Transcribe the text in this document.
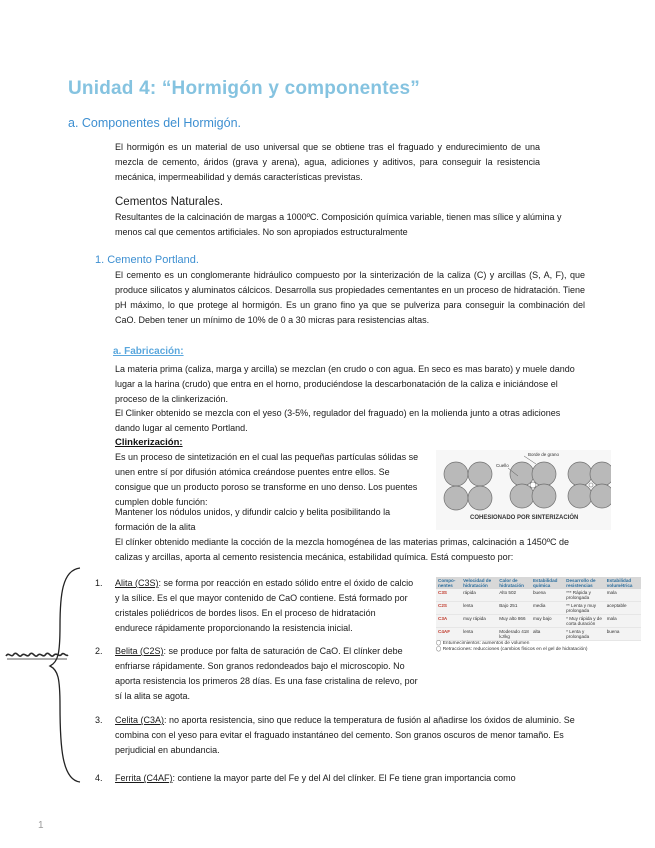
Unidad 4: “Hormigón y componentes”
a. Componentes del Hormigón.
El hormigón es un material de uso universal que se obtiene tras el fraguado y endurecimiento de una mezcla de cemento, áridos (grava y arena), agua, adiciones y aditivos, para conseguir la resistencia mecánica, impermeabilidad y demás características previstas.
Cementos Naturales.
Resultantes de la calcinación de margas a 1000ºC. Composición química variable, tienen mas sílice y alúmina y menos cal que cementos artificiales. No son apropiados estructuralmente
1. Cemento Portland.
El cemento es un conglomerante hidráulico compuesto por la sinterización de la caliza (C) y arcillas (S, A, F), que produce silicatos y aluminatos cálcicos. Desarrolla sus propiedades cementantes en un proceso de hidratación. Tiene pH máximo, lo que protege al hormigón. Es un grano fino ya que se pulveriza para conseguir la combinación del CaO. Deben tener un mínimo de 10% de 0 a 30 micras para resistencias altas.
a. Fabricación:
La materia prima (caliza, marga y arcilla) se mezclan (en crudo o con agua. En seco es mas barato) y muele dando lugar a la harina (crudo) que entra en el horno, produciéndose la descarbonatación de la caliza e iniciándose el proceso de la clinkerización.
El Clinker obtenido se mezcla con el yeso (3-5%, regulador del fraguado) en la molienda junto a otras adiciones dando lugar al cemento Portland.
Clinkerización:
Es un proceso de sintetización en el cual las pequeñas partículas sólidas se unen entre sí por difusión atómica creándose puentes entre ellos. Se consigue que un producto poroso se transforme en uno denso. Los puentes cumplen doble función:
Mantener los nódulos unidos, y difundir calcio y belita posibilitando la formación de la alita
El clínker obtenido mediante la cocción de la mezcla homogénea de las materias primas, calcinación a 1450ºC de calizas y arcillas, aporta al cemento resistencia mecánica, estabilidad química. Está compuesto por:
Borde de grano
Cuello
COHESIONADO POR SINTERIZACIÓN
1. Alita (C3S): se forma por reacción en estado sólido entre el óxido de calcio y la sílice. Es el que mayor contenido de CaO contiene. Está formado por cristales poliédricos de bordes lisos. En el proceso de hidratación endurece rápidamente proporcionando la resistencia inicial.
2. Belita (C2S): se produce por falta de saturación de CaO. El clínker debe enfriarse rápidamente. Son granos redondeados bajo el microscopio. No aporta resistencia los primeros 28 días. Es una fase cristalina de relevo, por sí la alita se agota.
3. Celita (C3A): no aporta resistencia, sino que reduce la temperatura de fusión al añadirse los óxidos de aluminio. Se combina con el yeso para evitar el fraguado instantáneo del cemento. Son granos oscuros de menor tamaño. Es perjudicial en abundancia.
4. Ferrita (C4AF): contiene la mayor parte del Fe y del Al del clínker. El Fe tiene gran importancia como
Compo-nentes	Velocidad de hidratación	Calor de hidratación	Estabilidad química	Desarrollo de resistencias	Estabilidad volumétrica
C3S	rápida	Alto 502	buena	*** Rápida y prolongada	mala
C2S	lenta	Bajo 251	media	** Lenta y muy prolongada	aceptable
C3A	muy rápida	Muy alto 866	muy bajo	* Muy rápida y de corta duración	mala
C4AF	lenta	Moderado 418 kJ/kg	alta	* Lenta y prolongada	buena
◯ Entumecimientos: aumentos de volumen
◯ Retracciones: reducciones (cambios físicos en el gel de hidratación)
1
